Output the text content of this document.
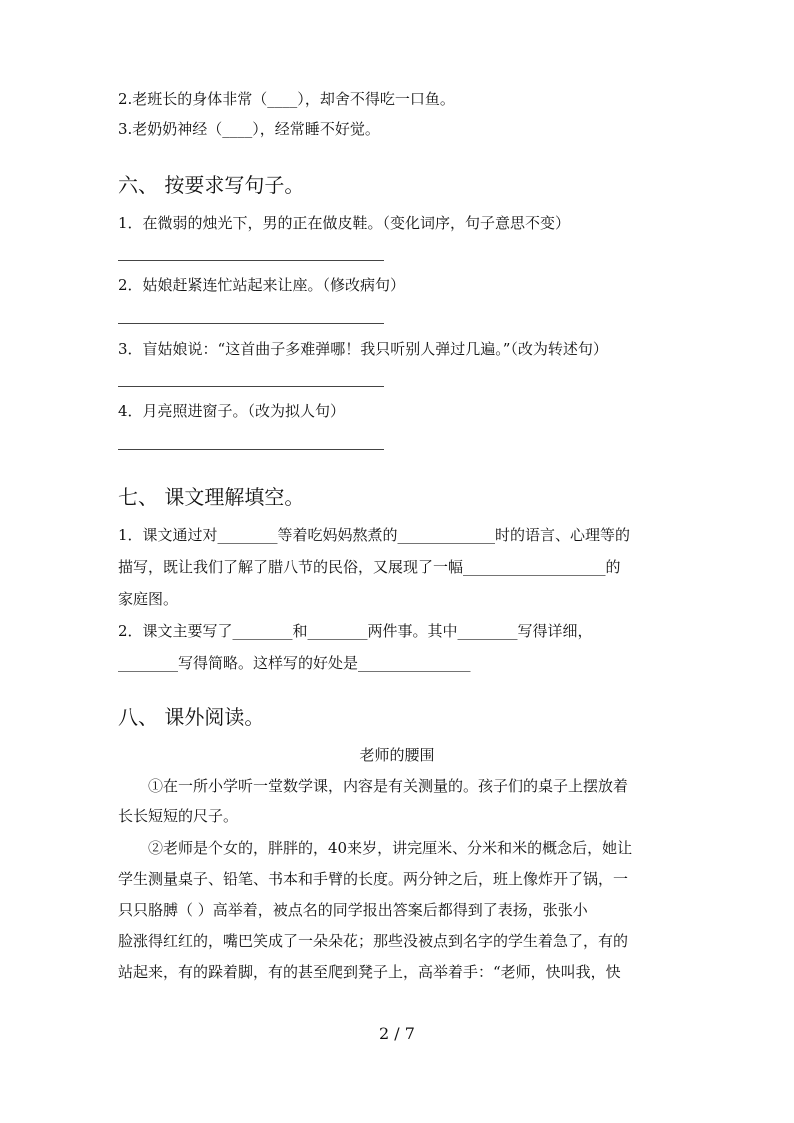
2.老班长的身体非常（____），却舍不得吃一口鱼。
3.老奶奶神经（____），经常睡不好觉。
六、 按要求写句子。
1．在微弱的烛光下，男的正在做皮鞋。（变化词序，句子意思不变）
2．姑娘赶紧连忙站起来让座。（修改病句）
3．盲姑娘说：“这首曲子多难弹哪！我只听别人弹过几遍。”（改为转述句）
4．月亮照进窗子。（改为拟人句）
七、 课文理解填空。
1．课文通过对________等着吃妈妈熬煮的_____________时的语言、心理等的
描写，既让我们了解了腊八节的民俗，又展现了一幅___________________的
家庭图。
2．课文主要写了________和________两件事。其中________写得详细，
________写得简略。这样写的好处是_______________
八、 课外阅读。
老师的腰围
①在一所小学听一堂数学课，内容是有关测量的。孩子们的桌子上摆放着
长长短短的尺子。
②老师是个女的，胖胖的，40来岁，讲完厘米、分米和米的概念后，她让
学生测量桌子、铅笔、书本和手臂的长度。两分钟之后，班上像炸开了锅，一
只只胳膊（ ）高举着，被点名的同学报出答案后都得到了表扬，张张小
脸涨得红红的，嘴巴笑成了一朵朵花；那些没被点到名字的学生着急了，有的
站起来，有的跺着脚，有的甚至爬到凳子上，高举着手：“老师，快叫我，快
2 / 7
